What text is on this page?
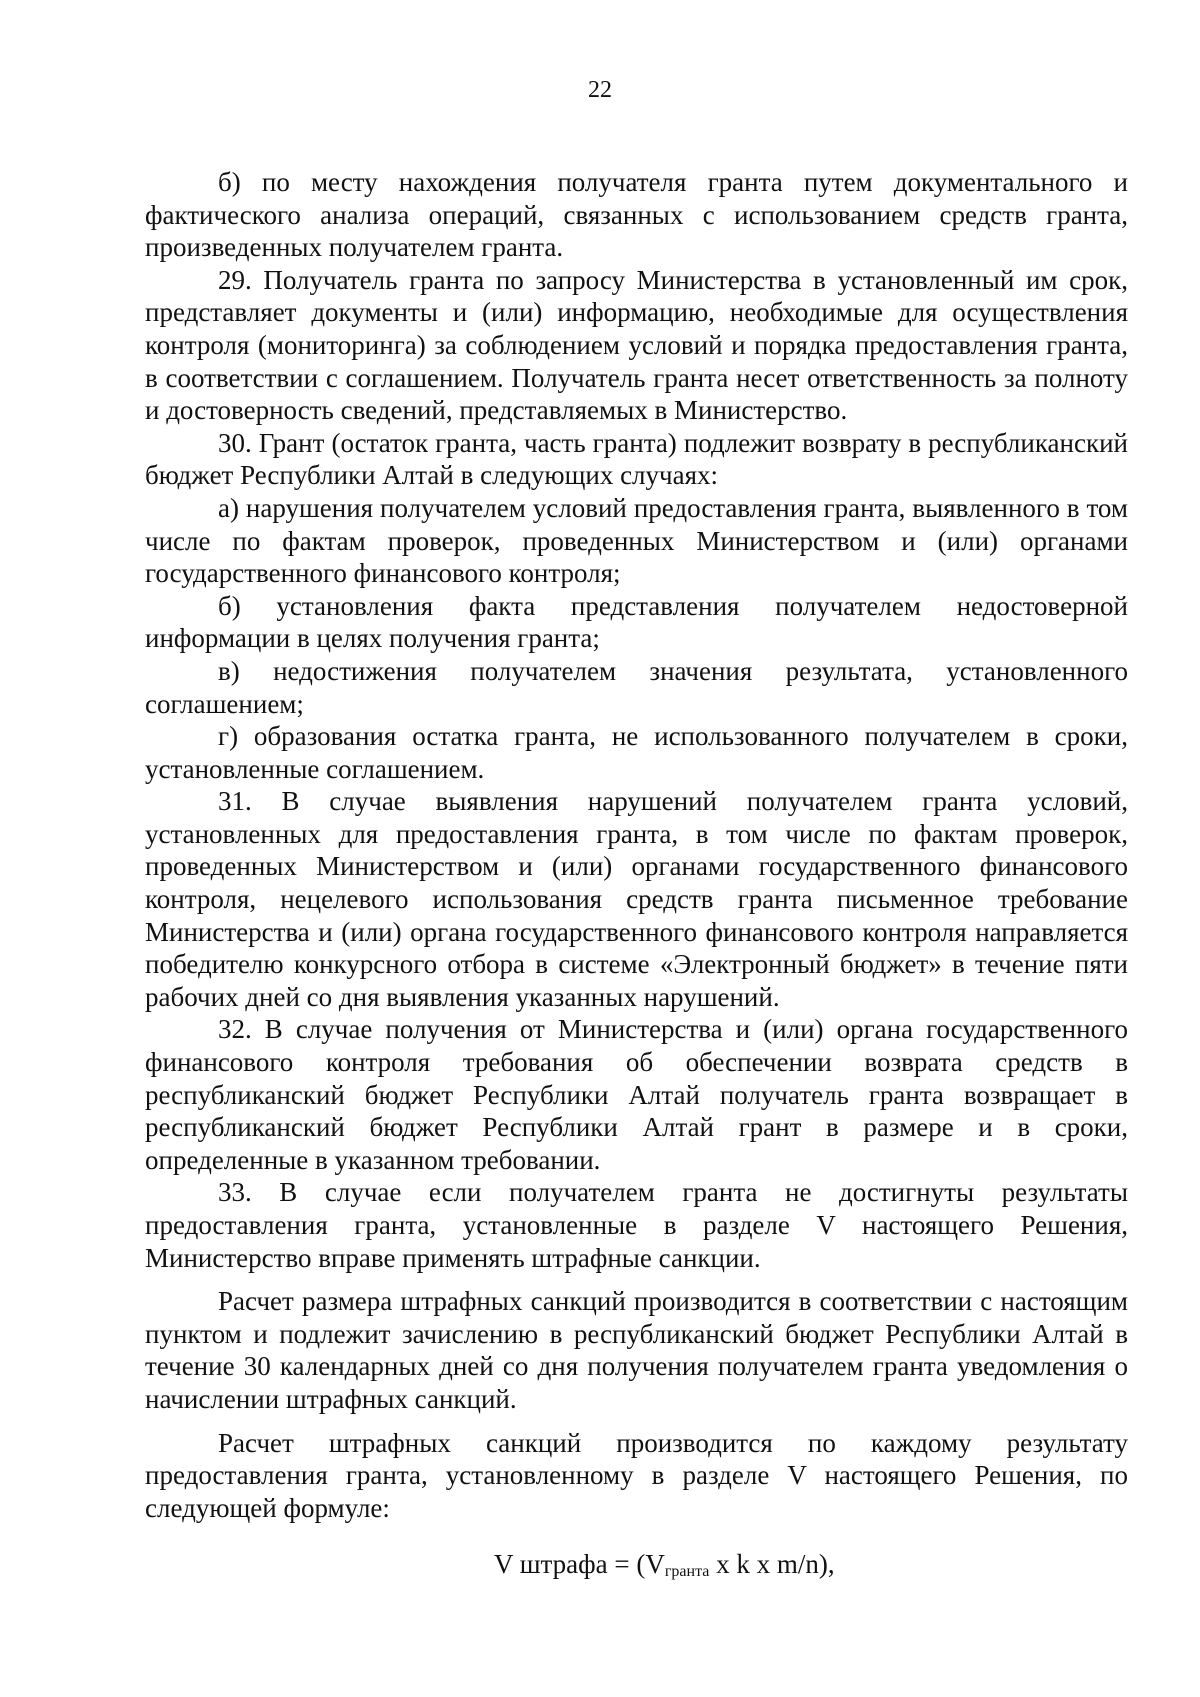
22

б) по месту нахождения получателя гранта путем документального и фактического анализа операций, связанных с использованием средств гранта, произведенных получателем гранта.

29. Получатель гранта по запросу Министерства в установленный им срок, представляет документы и (или) информацию, необходимые для осуществления контроля (мониторинга) за соблюдением условий и порядка предоставления гранта, в соответствии с соглашением. Получатель гранта несет ответственность за полноту и достоверность сведений, представляемых в Министерство.

30. Грант (остаток гранта, часть гранта) подлежит возврату в республиканский бюджет Республики Алтай в следующих случаях:

а) нарушения получателем условий предоставления гранта, выявленного в том числе по фактам проверок, проведенных Министерством и (или) органами государственного финансового контроля;

б) установления факта представления получателем недостоверной информации в целях получения гранта;

в) недостижения получателем значения результата, установленного соглашением;

г) образования остатка гранта, не использованного получателем в сроки, установленные соглашением.

31. В случае выявления нарушений получателем гранта условий, установленных для предоставления гранта, в том числе по фактам проверок, проведенных Министерством и (или) органами государственного финансового контроля, нецелевого использования средств гранта письменное требование Министерства и (или) органа государственного финансового контроля направляется победителю конкурсного отбора в системе «Электронный бюджет» в течение пяти рабочих дней со дня выявления указанных нарушений.

32. В случае получения от Министерства и (или) органа государственного финансового контроля требования об обеспечении возврата средств в республиканский бюджет Республики Алтай получатель гранта возвращает в республиканский бюджет Республики Алтай грант в размере и в сроки, определенные в указанном требовании.

33. В случае если получателем гранта не достигнуты результаты предоставления гранта, установленные в разделе V настоящего Решения, Министерство вправе применять штрафные санкции.

Расчет размера штрафных санкций производится в соответствии с настоящим пунктом и подлежит зачислению в республиканский бюджет Республики Алтай в течение 30 календарных дней со дня получения получателем гранта уведомления о начислении штрафных санкций.

Расчет штрафных санкций производится по каждому результату предоставления гранта, установленному в разделе V настоящего Решения, по следующей формуле:

V штрафа = ($V_{гранта}$ x k x m/n),
